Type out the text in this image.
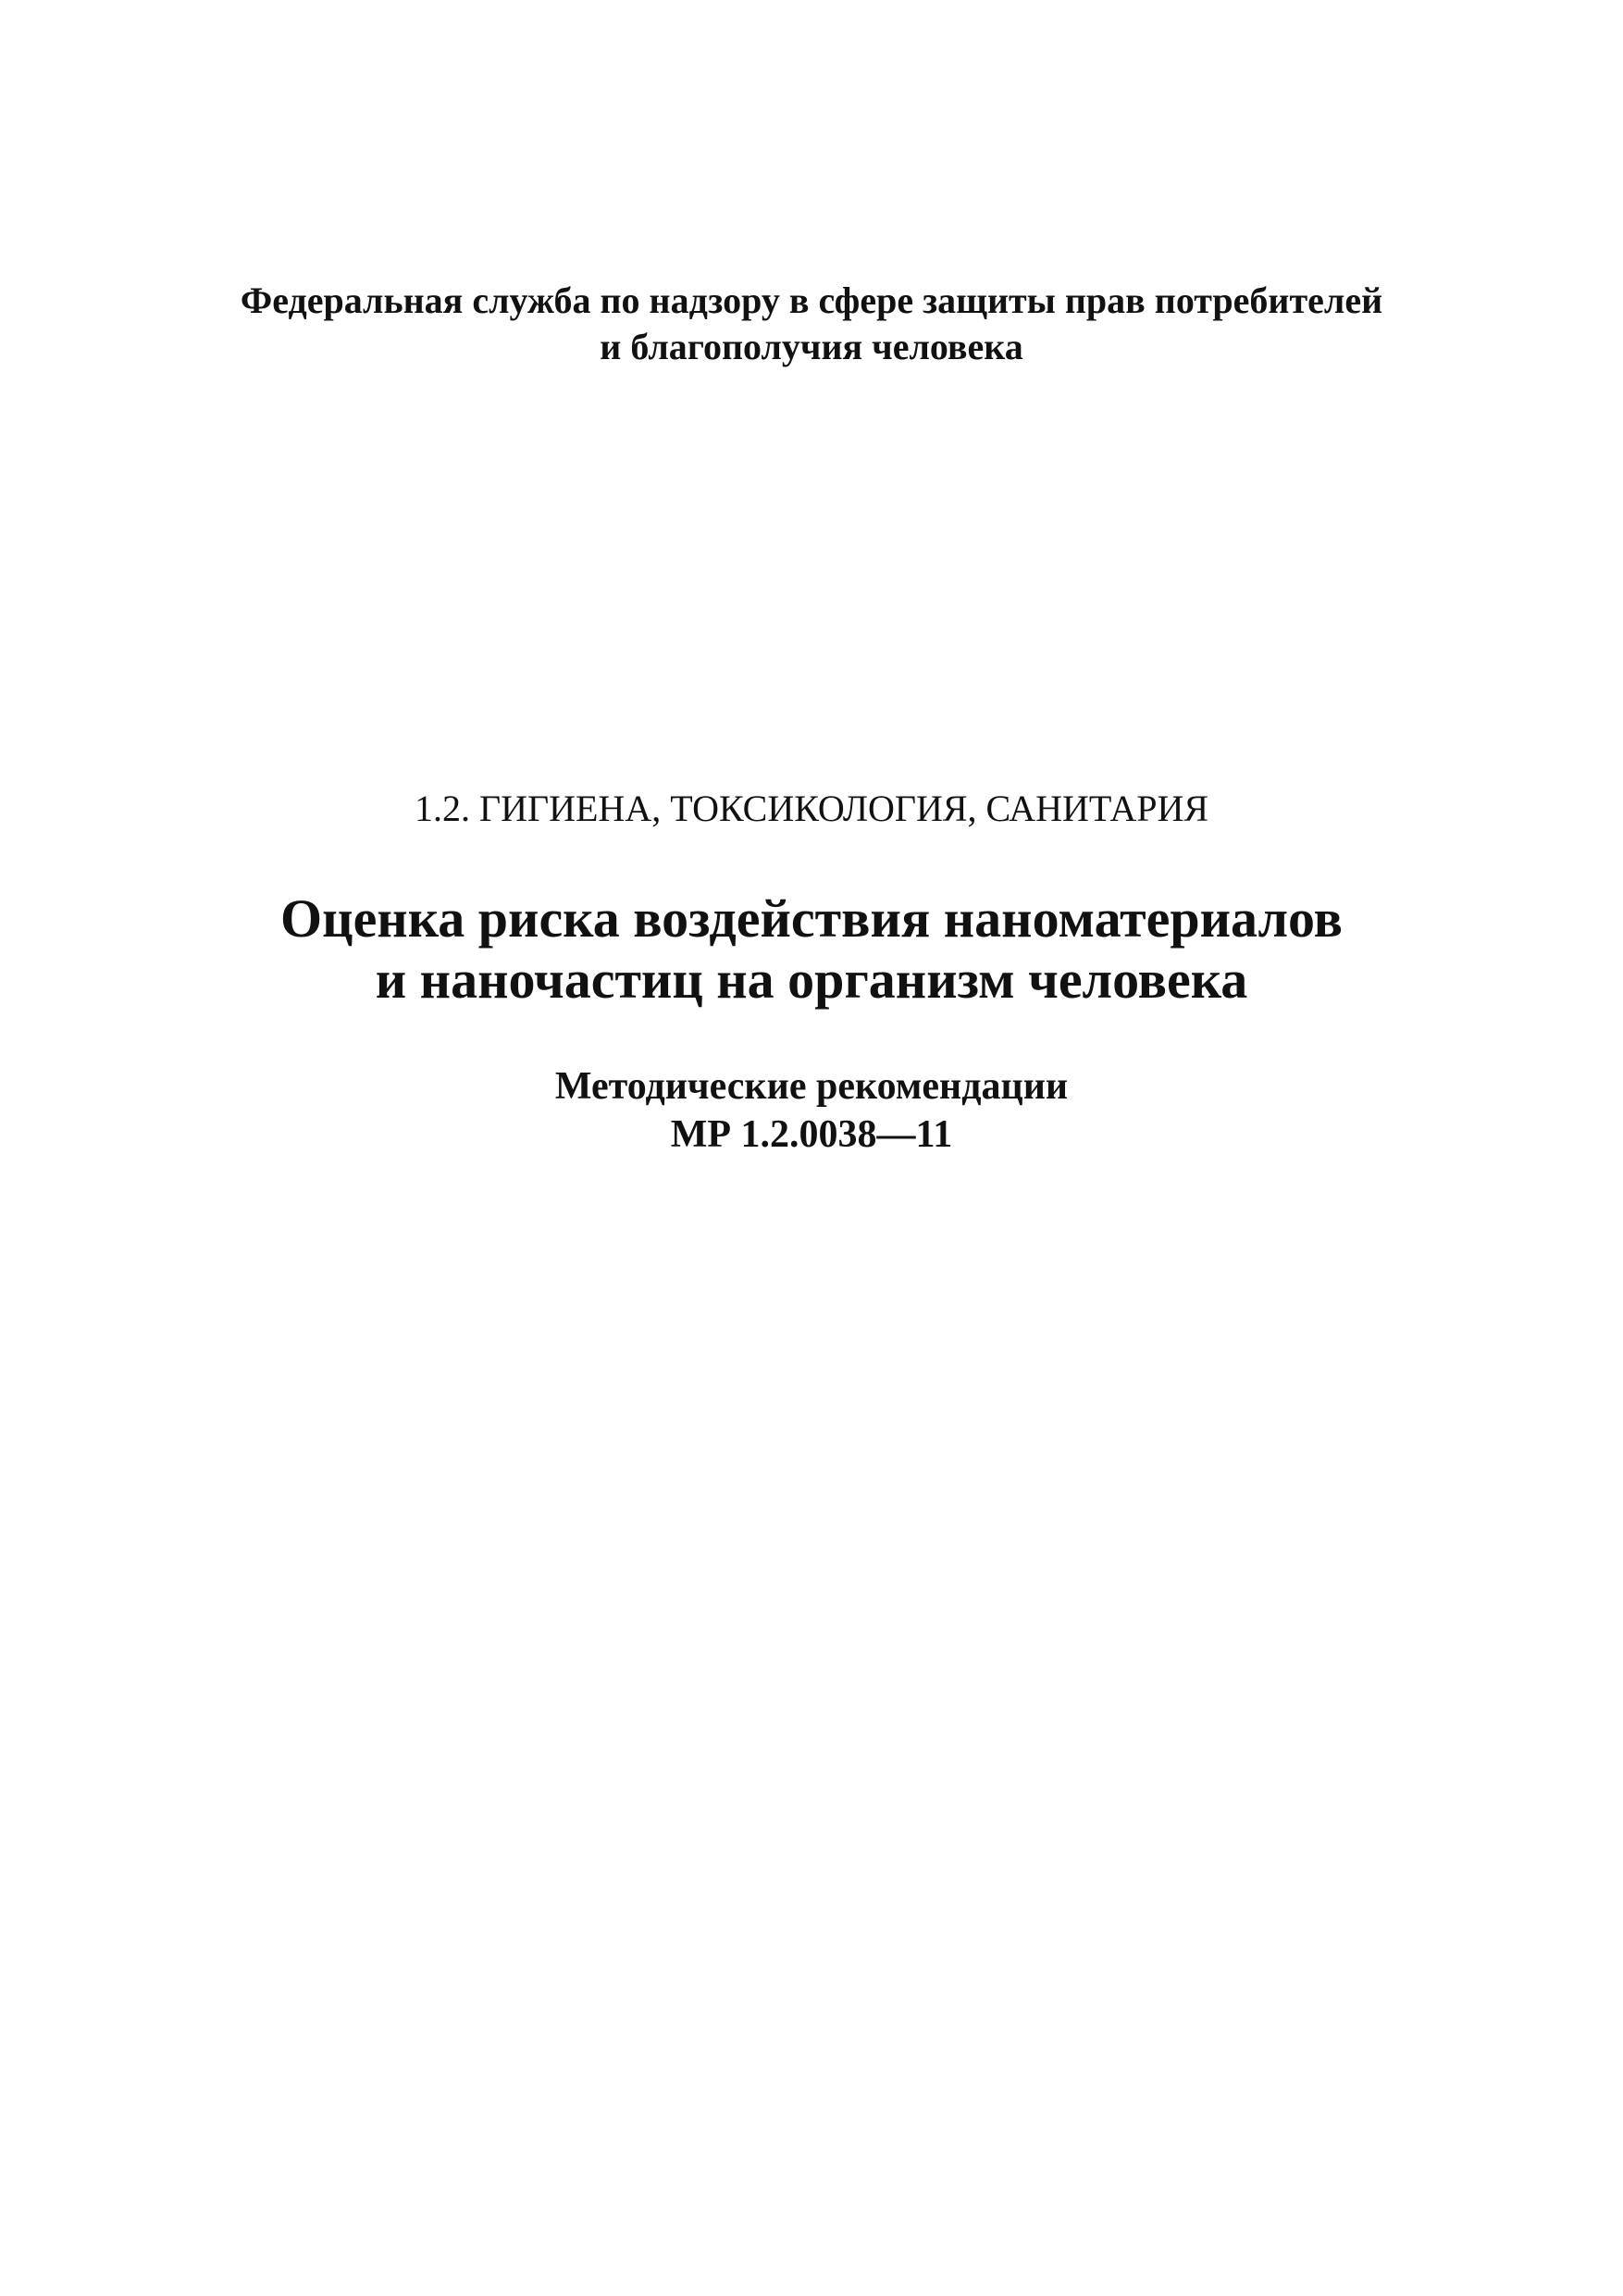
Федеральная служба по надзору в сфере защиты прав потребителей
и благополучия человека
1.2. ГИГИЕНА, ТОКСИКОЛОГИЯ, САНИТАРИЯ
Оценка риска воздействия наноматериалов
и наночастиц на организм человека
Методические рекомендации
МР 1.2.0038—11
